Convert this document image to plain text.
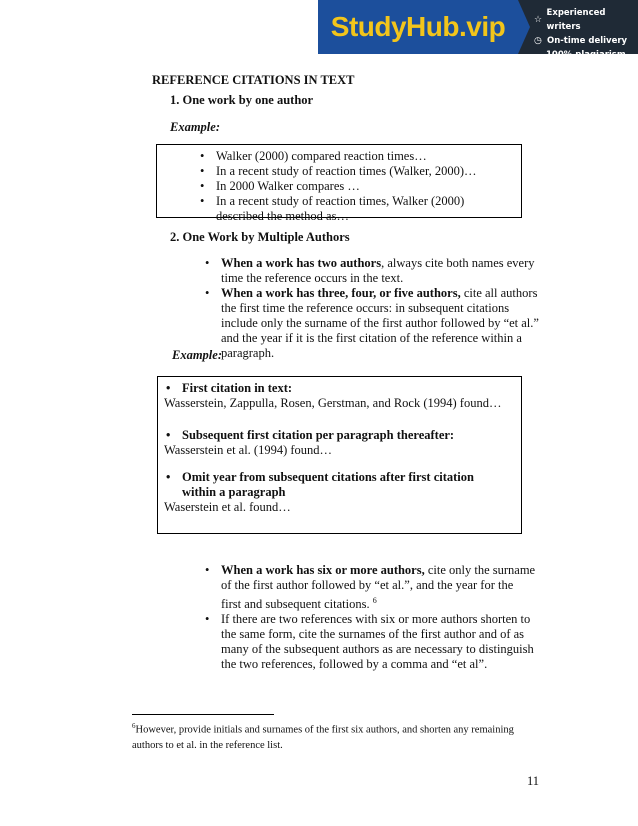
StudyHub.vip	☆
Experienced writers
◷ On-time delivery
⌬
100% plagiarism free
REFERENCE CITATIONS IN TEXT
1. One work by one author
Example:
• Walker (2000) compared reaction times…
• In a recent study of reaction times (Walker, 2000)…
• In 2000 Walker compares …
• In a recent study of reaction times, Walker (2000) described the method as…
2. One Work by Multiple Authors
• When a work has two authors, always cite both names every time the reference occurs in the text.
• When a work has three, four, or five authors, cite all authors the first time the reference occurs: in subsequent citations include only the surname of the first author followed by “et al.” and the year if it is the first citation of the reference within a paragraph.
Example:
• First citation in text:
Wasserstein, Zappulla, Rosen, Gerstman, and Rock (1994) found…
• Subsequent first citation per paragraph thereafter:
Wasserstein et al. (1994) found…
• Omit year from subsequent citations after first citation within a paragraph
Waserstein et al. found…
• When a work has six or more authors, cite only the surname of the first author followed by “et al.”, and the year for the first and subsequent citations. $^6$
• If there are two references with six or more authors shorten to the same form, cite the surnames of the first author and of as many of the subsequent authors as are necessary to distinguish the two references, followed by a comma and “et al”.
$^6$However, provide initials and surnames of the first six authors, and shorten any remaining authors to et al. in the reference list.
11
